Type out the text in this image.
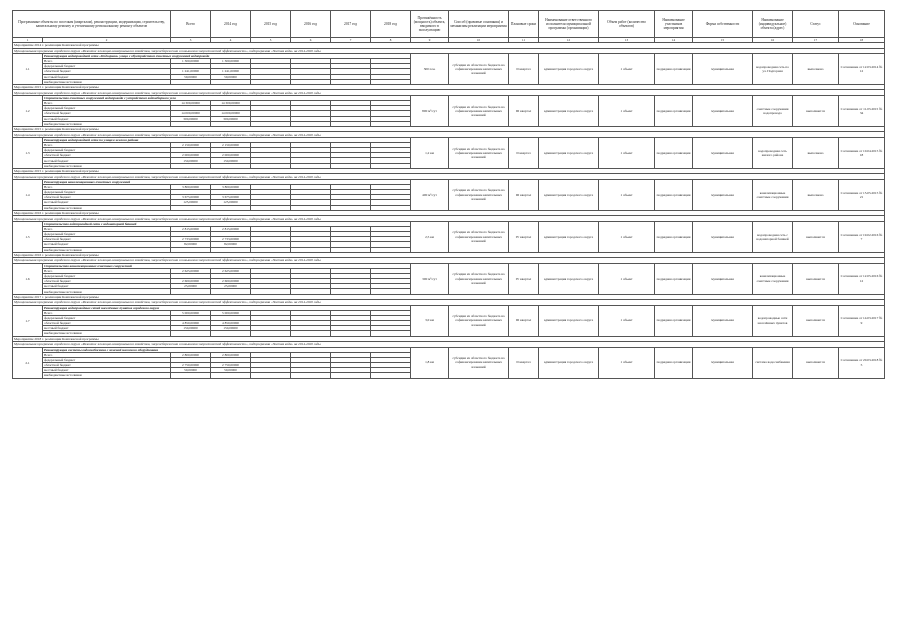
Программные объекты по поселкам (кварталам), реконструкции, модернизации, строительству, капитальному ремонту и утепленному региональному ремонту объектов		Всего	2014 год	2015 год	2016 год	2017 год	2018 год	Протяжённость (мощность) объекта, вводимого в эксплуатацию	Способ (правовые основания) и механизмы реализации мероприятия	Плановые сроки	Наименование ответственного исполнителя муниципальной программы (организации)	Объем работ (количество объектов)	Наименование участников мероприятия	Форма собственности	Наименование (индивидуальное) объекта (адрес)	Статус	Основание	
1	2	3	4	5	6	7	8	9	10	11	12	13	14	15	16	17	18	
Мероприятие 2014 г. реализации Комплексной программы																		
Муниципальная программа городского округа «Развитие жилищно-коммунального хозяйства, энергосбережения и повышения энергетической эффективности», подпрограмма «Чистая вода» на 2014-2020 годы																		
1.1	Реконструкция водопроводной сети «Подгорная» улица с обустройством очистных сооружений водопровода							300 п.м.	субсидии из областного бюджета на софинансирование капитальных вложений	II квартал	администрация городского округа	1 объект	подрядная организация	муниципальная	водопроводная сеть по ул. Подгорная	выполнено	Соглашение от 12.03.2014 № 12	
	Всего	1 300,00000	1 300,00000															
	федеральный бюджет																	
	областной бюджет	1 241,00000	1 241,00000															
	местный бюджет	59,00000	59,00000															
	внебюджетные источники																	
Мероприятие 2015 г. реализации Комплексной программы																		
Муниципальная программа городского округа «Развитие жилищно-коммунального хозяйства, энергосбережения и повышения энергетической эффективности», подпрограмма «Чистая вода» на 2014-2020 годы																		
1.2	Строительство очистных сооружений водопровода с устройством водозаборного узла							800 м³/сут	субсидии из областного бюджета на софинансирование капитальных вложений	III квартал	администрация городского округа	1 объект	подрядная организация	муниципальная	очистные сооружения водопровода	выполняется	Соглашение от 11.03.2015 № 34	
	Всего	14 300,00000	14 300,00000															
	федеральный бюджет																	
	областной бюджет	14 000,00000	14 000,00000															
	местный бюджет	300,00000	300,00000															
	внебюджетные источники																	
Мероприятие 2015 г. реализации Комплексной программы																		
Муниципальная программа городского округа «Развитие жилищно-коммунального хозяйства, энергосбережения и повышения энергетической эффективности», подпрограмма «Чистая вода» на 2014-2020 годы																		
1.3	Реконструкция водопроводной сети по улицам жилого района							1,2 км	субсидии из областного бюджета на софинансирование капитальных вложений	II квартал	администрация городского округа	1 объект	подрядная организация	муниципальная	водопроводная сеть жилого района	выполнено	Соглашение от 10.04.2015 № 18	
	Всего	2 150,00000	2 150,00000															
	федеральный бюджет																	
	областной бюджет	2 000,00000	2 000,00000															
	местный бюджет	150,00000	150,00000															
	внебюджетные источники																	
Мероприятие 2015 г. реализации Комплексной программы																		
Муниципальная программа городского округа «Развитие жилищно-коммунального хозяйства, энергосбережения и повышения энергетической эффективности», подпрограмма «Чистая вода» на 2014-2020 годы																		
1.4	Реконструкция канализационных очистных сооружений							400 м³/сут	субсидии из областного бюджета на софинансирование капитальных вложений	III квартал	администрация городского округа	1 объект	подрядная организация	муниципальная	канализационные очистные сооружения	выполнено	Соглашение от 15.05.2015 № 21	
	Всего	3 800,00000	3 800,00000															
	федеральный бюджет																	
	областной бюджет	3 675,00000	3 675,00000															
	местный бюджет	125,00000	125,00000															
	внебюджетные источники																	
Мероприятие 2016 г. реализации Комплексной программы																		
Муниципальная программа городского округа «Развитие жилищно-коммунального хозяйства, энергосбережения и повышения энергетической эффективности», подпрограмма «Чистая вода» на 2014-2020 годы																		
1.5	Строительство водопроводной сети с водонапорной башней							2,5 км	субсидии из областного бюджета на софинансирование капитальных вложений	IV квартал	администрация городского округа	1 объект	подрядная организация	муниципальная	водопроводная сеть с водонапорной башней	выполняется	Соглашение от 19.02.2016 № 7	
	Всего	2 815,00000	2 815,00000															
	федеральный бюджет																	
	областной бюджет	2 733,00000	2 733,00000															
	местный бюджет	82,00000	82,00000															
	внебюджетные источники																	
Мероприятие 2016 г. реализации Комплексной программы																		
Муниципальная программа городского округа «Развитие жилищно-коммунального хозяйства, энергосбережения и повышения энергетической эффективности», подпрограмма «Чистая вода» на 2014-2020 годы																		
1.6	Строительство канализационных очистных сооружений							300 м³/сут	субсидии из областного бюджета на софинансирование капитальных вложений	IV квартал	администрация городского округа	1 объект	подрядная организация	муниципальная	канализационные очистные сооружения	выполняется	Соглашение от 12.05.2016 № 12	
	Всего	2 625,00000	2 625,00000															
	федеральный бюджет																	
	областной бюджет	2 600,00000	2 600,00000															
	местный бюджет	25,00000	25,00000															
	внебюджетные источники																	
Мероприятие 2017 г. реализации Комплексной программы																		
Муниципальная программа городского округа «Развитие жилищно-коммунального хозяйства, энергосбережения и повышения энергетической эффективности», подпрограмма «Чистая вода» на 2014-2020 годы																		
1.7	Реконструкция водопроводных сетей населённых пунктов городского округа							3,0 км	субсидии из областного бюджета на софинансирование капитальных вложений	III квартал	администрация городского округа	1 объект	подрядная организация	муниципальная	водопроводные сети населённых пунктов	выполняется	Соглашение от 14.03.2017 № 9	
	Всего	5 000,00000	5 000,00000															
	федеральный бюджет																	
	областной бюджет	4 850,00000	4 850,00000															
	местный бюджет	150,00000	150,00000															
	внебюджетные источники																	
Мероприятие 2018 г. реализации Комплексной программы																		
Муниципальная программа городского округа «Развитие жилищно-коммунального хозяйства, энергосбережения и повышения энергетической эффективности», подпрограмма «Чистая вода» на 2014-2020 годы																		
2.1	Реконструкция системы водоснабжения с заменой насосного оборудования							1,8 км	субсидии из областного бюджета на софинансирование капитальных вложений	II квартал	администрация городского округа	1 объект	подрядная организация	муниципальная	система водоснабжения	выполняется	Соглашение от 20.03.2018 № 5	
	Всего	2 800,00000	2 800,00000															
	федеральный бюджет																	
	областной бюджет	2 750,00000	2 750,00000															
	местный бюджет	50,00000	50,00000															
	внебюджетные источники																	
